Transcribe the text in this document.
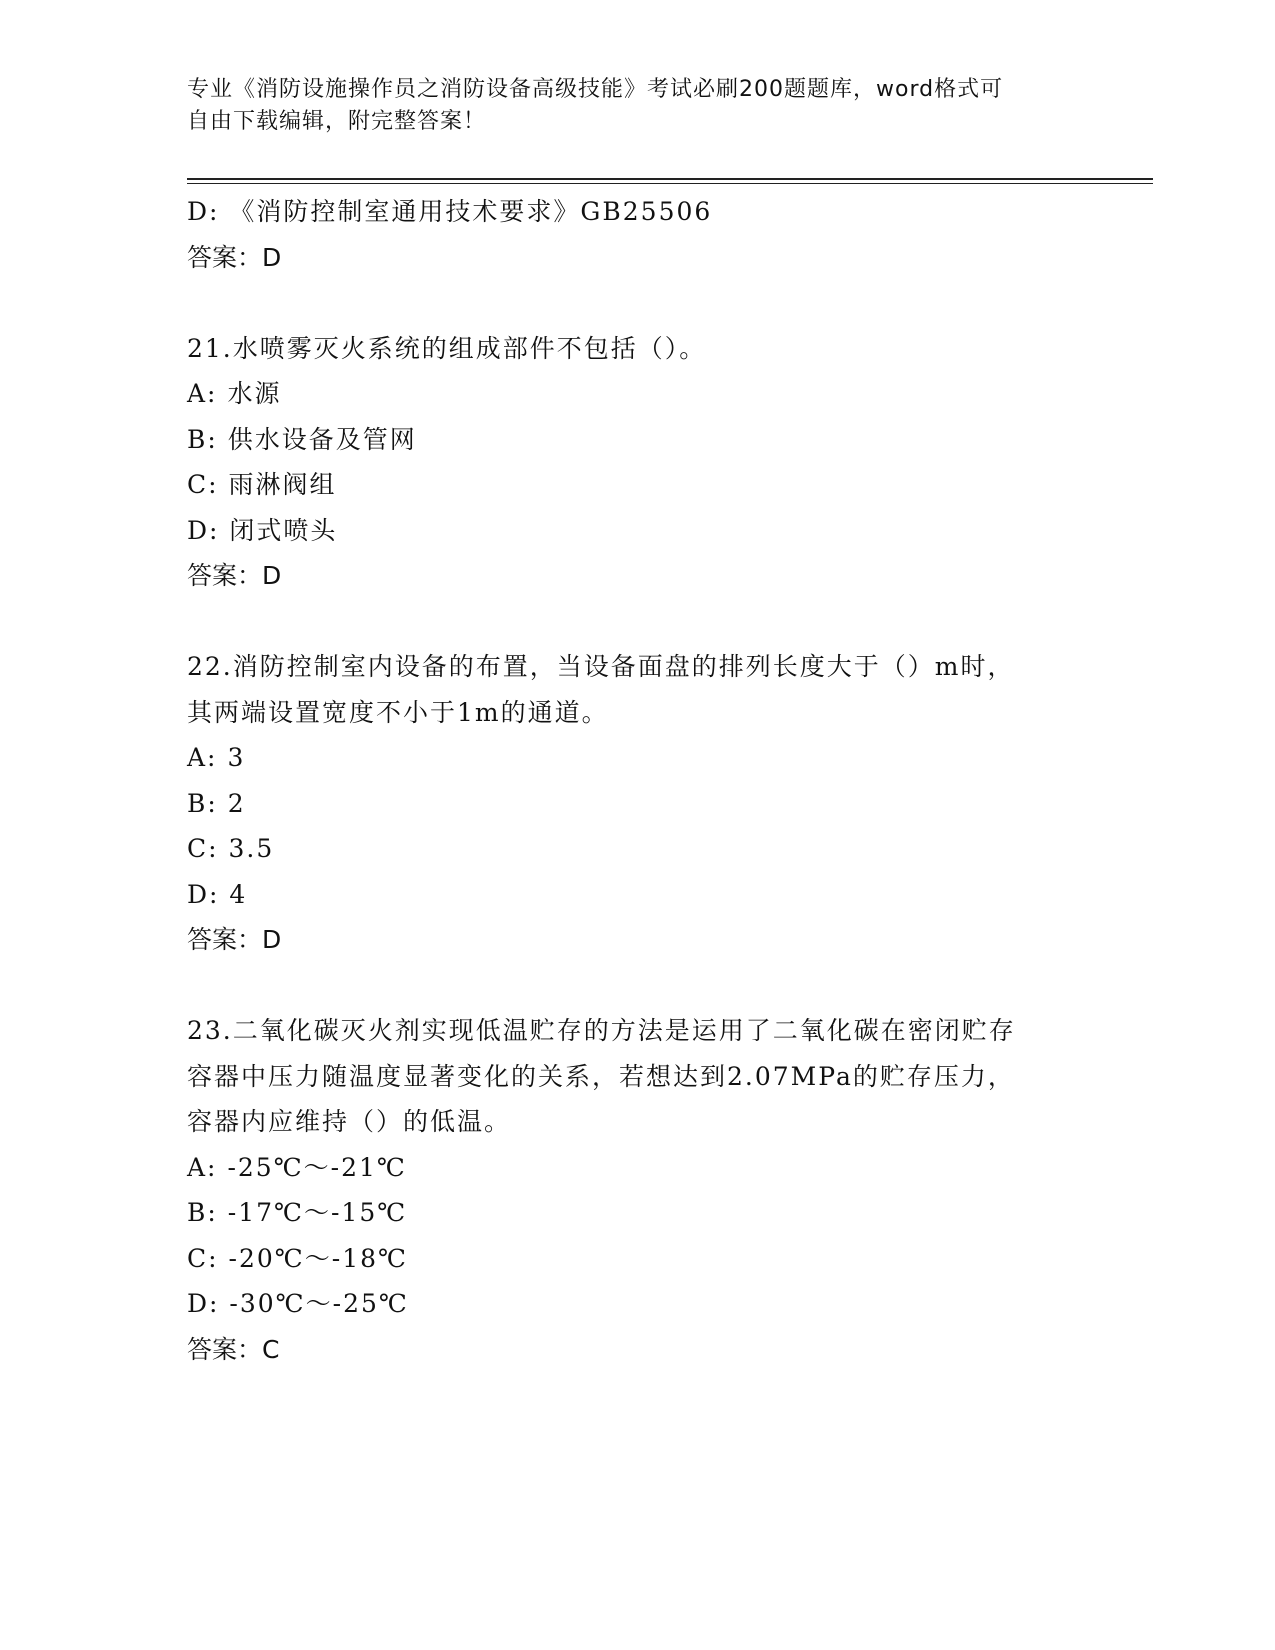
专业《消防设施操作员之消防设备高级技能》考试必刷200题题库，word格式可
自由下载编辑，附完整答案！
D: 《消防控制室通用技术要求》GB25506
答案：D
21.水喷雾灭火系统的组成部件不包括（）。
A: 水源
B: 供水设备及管网
C: 雨淋阀组
D: 闭式喷头
答案：D
22.消防控制室内设备的布置，当设备面盘的排列长度大于（）m时，
其两端设置宽度不小于1m的通道。
A: 3
B: 2
C: 3.5
D: 4
答案：D
23.二氧化碳灭火剂实现低温贮存的方法是运用了二氧化碳在密闭贮存
容器中压力随温度显著变化的关系，若想达到2.07MPa的贮存压力，
容器内应维持（）的低温。
A: -25℃～-21℃
B: -17℃～-15℃
C: -20℃～-18℃
D: -30℃～-25℃
答案：C
